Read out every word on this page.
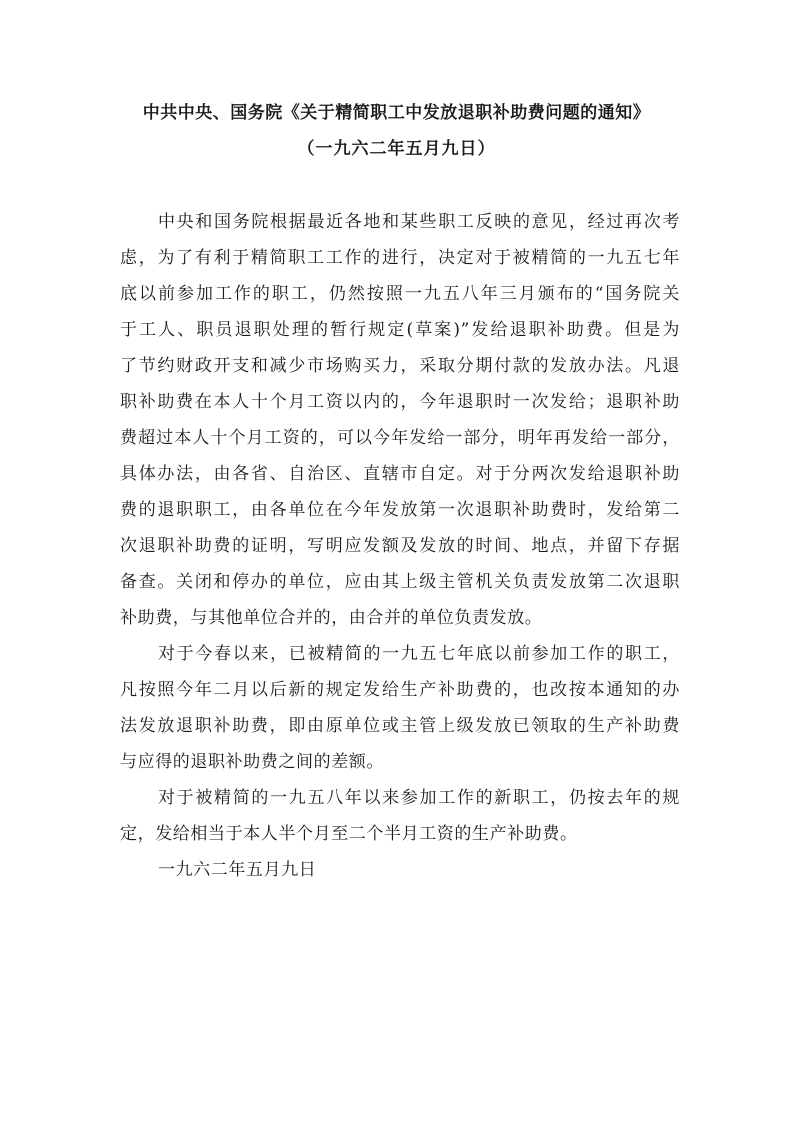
中共中央、国务院《关于精简职工中发放退职补助费问题的通知》
（一九六二年五月九日）
中央和国务院根据最近各地和某些职工反映的意见，经过再次考
虑，为了有利于精简职工工作的进行，决定对于被精简的一九五七年
底以前参加工作的职工，仍然按照一九五八年三月颁布的“国务院关
于工人、职员退职处理的暂行规定(草案)”发给退职补助费。但是为
了节约财政开支和减少市场购买力，采取分期付款的发放办法。凡退
职补助费在本人十个月工资以内的，今年退职时一次发给；退职补助
费超过本人十个月工资的，可以今年发给一部分，明年再发给一部分，
具体办法，由各省、自治区、直辖市自定。对于分两次发给退职补助
费的退职职工，由各单位在今年发放第一次退职补助费时，发给第二
次退职补助费的证明，写明应发额及发放的时间、地点，并留下存据
备查。关闭和停办的单位，应由其上级主管机关负责发放第二次退职
补助费，与其他单位合并的，由合并的单位负责发放。
对于今春以来，已被精简的一九五七年底以前参加工作的职工，
凡按照今年二月以后新的规定发给生产补助费的，也改按本通知的办
法发放退职补助费，即由原单位或主管上级发放已领取的生产补助费
与应得的退职补助费之间的差额。
对于被精简的一九五八年以来参加工作的新职工，仍按去年的规
定，发给相当于本人半个月至二个半月工资的生产补助费。
一九六二年五月九日
